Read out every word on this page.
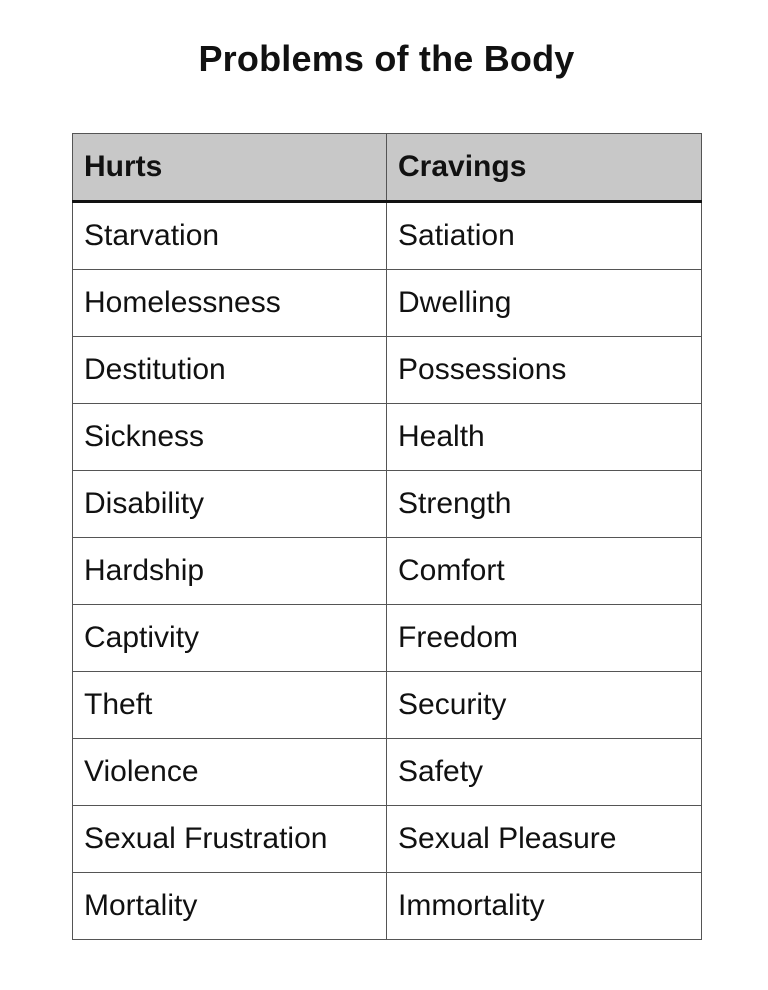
Problems of the Body
Hurts	Cravings
Starvation	Satiation
Homelessness	Dwelling
Destitution	Possessions
Sickness	Health
Disability	Strength
Hardship	Comfort
Captivity	Freedom
Theft	Security
Violence	Safety
Sexual Frustration	Sexual Pleasure
Mortality	Immortality
